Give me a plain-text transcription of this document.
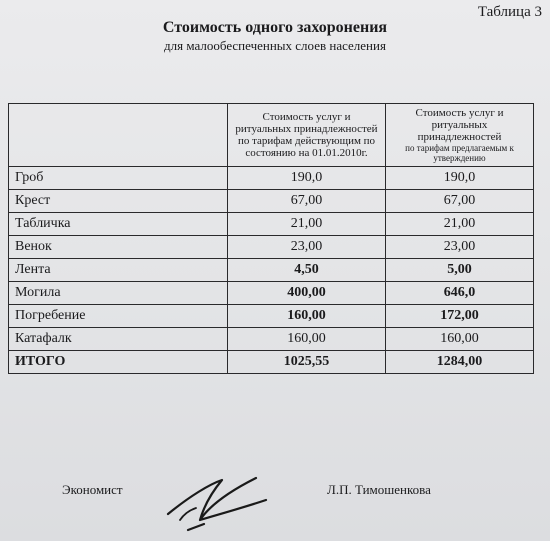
Таблица 3
Стоимость одного захоронения
для малообеспеченных слоев населения
	Стоимость услуг и ритуальных принадлежностей по тарифам действующим по состоянию на 01.01.2010г.	Стоимость услуг и ритуальных принадлежностей
по тарифам предлагаемым к утверждению

Гроб	190,0	190,0
Крест	67,00	67,00
Табличка	21,00	21,00
Венок	23,00	23,00
Лента	4,50	5,00
Могила	400,00	646,0
Погребение	160,00	172,00
Катафалк	160,00	160,00
ИТОГО	1025,55	1284,00
Экономист	Л.П. Тимошенкова
